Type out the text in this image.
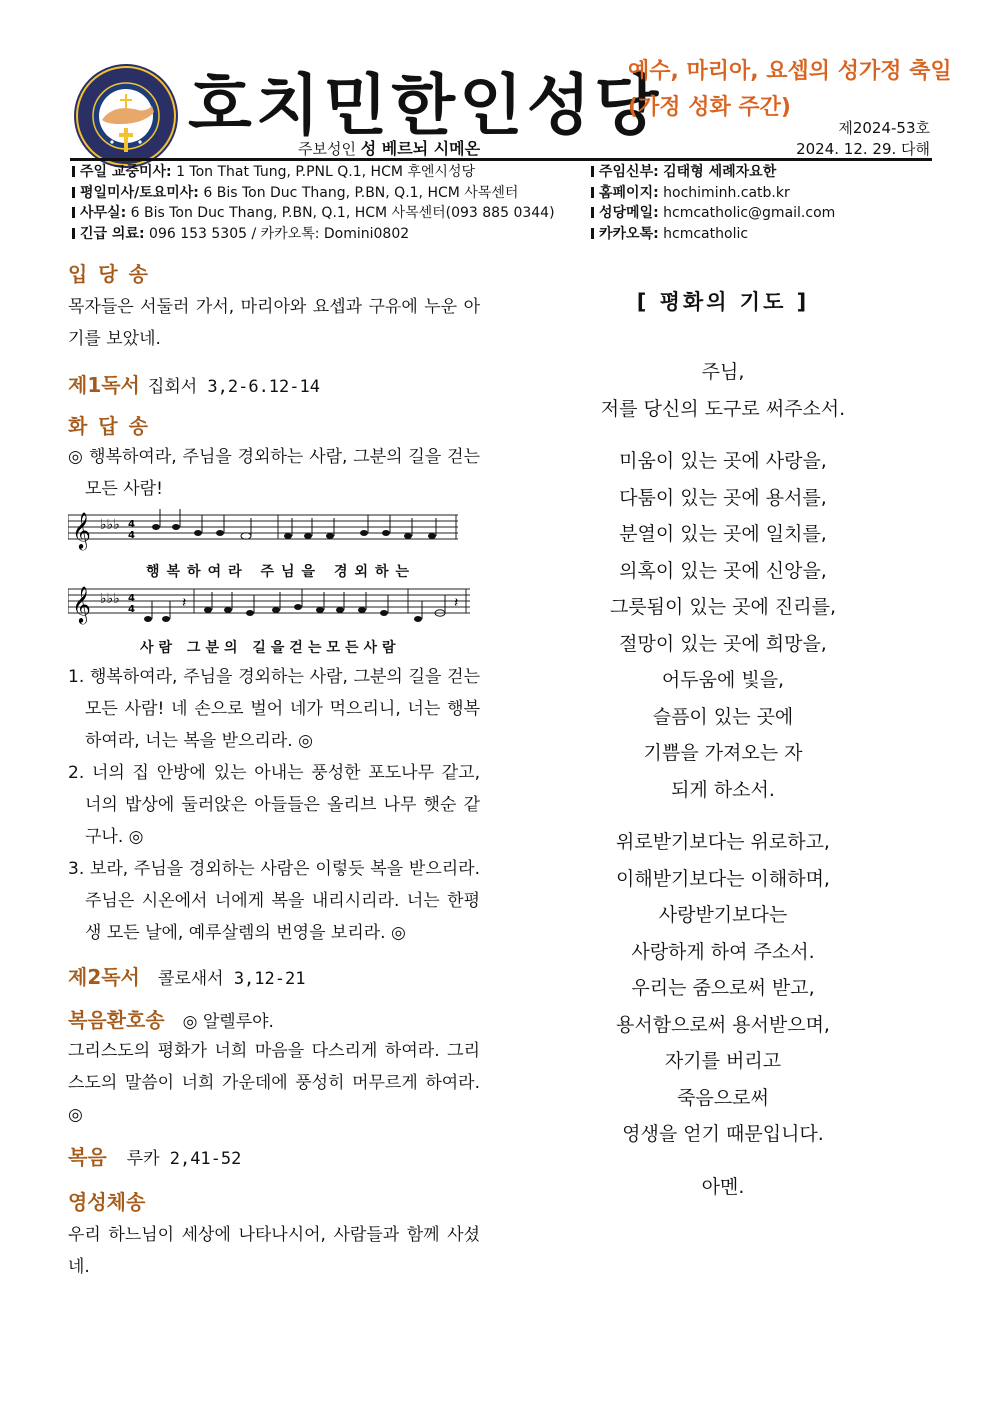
호치민한인성당
예수, 마리아, 요셉의 성가정 축일
(가정 성화 주간)
제2024-53호
주보성인 성 베르뇌 시메온	2024. 12. 29. 다해
주일 교중미사: 1 Ton That Tung, P.PNL Q.1, HCM 후엔시성당
평일미사/토요미사: 6 Bis Ton Duc Thang, P.BN, Q.1, HCM 사목센터
사무실: 6 Bis Ton Duc Thang, P.BN, Q.1, HCM 사목센터(093 885 0344)
긴급 의료: 096 153 5305 / 카카오톡: Domini0802
주임신부: 김태형 세례자요한
홈페이지: hochiminh.catb.kr
성당메일: hcmcatholic@gmail.com
카카오톡: hcmcatholic

입 당 송

목자들은 서둘러 가서, 마리아와 요셉과 구유에 누운 아기를 보았네.

제1독서 집회서 3,2-6.12-14

화 답 송

◎ 행복하여라, 주님을 경외하는 사람, 그분의 길을 걷는 모든 사람!

𝄞 ♭♭♭ 4
4
행복하여라 주님을 경외하는
𝄞 ♭♭♭ 4
4	𝄽	𝄽
사람 그분의 길을걷는모든사람

1. 행복하여라, 주님을 경외하는 사람, 그분의 길을 걷는 모든 사람! 네 손으로 벌어 네가 먹으리니, 너는 행복하여라, 너는 복을 받으리라. ◎

2. 너의 집 안방에 있는 아내는 풍성한 포도나무 같고, 너의 밥상에 둘러앉은 아들들은 올리브 나무 햇순 같구나. ◎

3. 보라, 주님을 경외하는 사람은 이렇듯 복을 받으리라. 주님은 시온에서 너에게 복을 내리시리라. 너는 한평생 모든 날에, 예루살렘의 번영을 보리라. ◎

제2독서 콜로새서 3,12-21

복음환호송 ◎ 알렐루야.

그리스도의 평화가 너희 마음을 다스리게 하여라. 그리스도의 말씀이 너희 가운데에 풍성히 머무르게 하여라. ◎

복음 루카 2,41-52

영성체송

우리 하느님이 세상에 나타나시어, 사람들과 함께 사셨네.

[ 평화의 기도 ]

주님,

저를 당신의 도구로 써주소서.

미움이 있는 곳에 사랑을,

다툼이 있는 곳에 용서를,

분열이 있는 곳에 일치를,

의혹이 있는 곳에 신앙을,

그릇됨이 있는 곳에 진리를,

절망이 있는 곳에 희망을,

어두움에 빛을,

슬픔이 있는 곳에

기쁨을 가져오는 자

되게 하소서.

위로받기보다는 위로하고,

이해받기보다는 이해하며,

사랑받기보다는

사랑하게 하여 주소서.

우리는 줌으로써 받고,

용서함으로써 용서받으며,

자기를 버리고

죽음으로써

영생을 얻기 때문입니다.

아멘.
